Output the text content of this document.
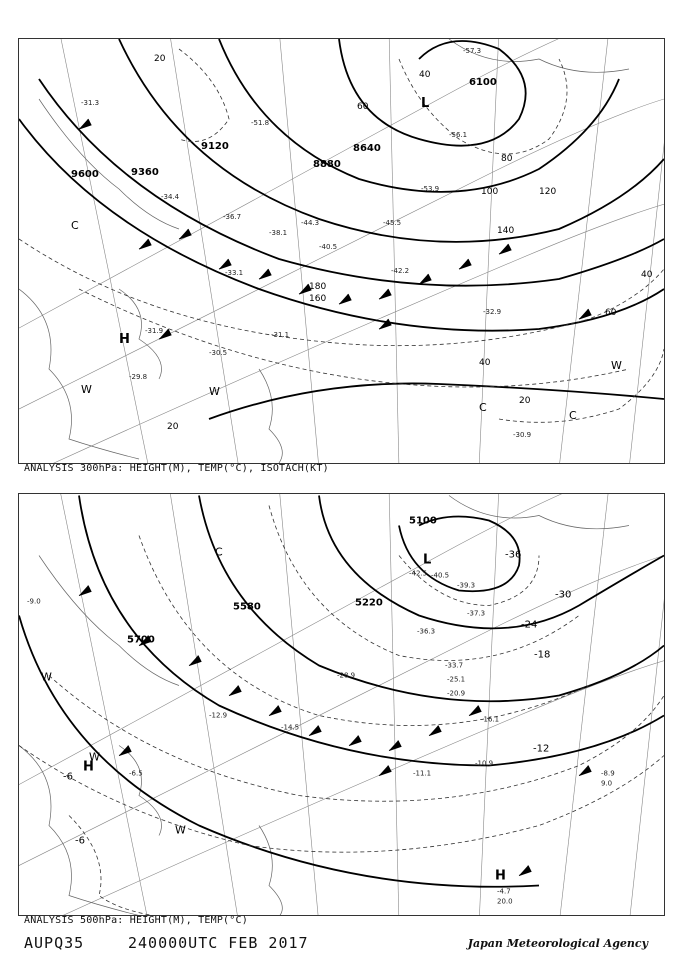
9600	9360
9120
8880
8640
L
6100
H
20
40
60
80
100	120
140
160
180
40
20
40
60
20
-31.3
-34.4
-36.7
-38.1
-40.5
-42.2
-44.3	-45.5
-51.8
-53.9
-56.1
-57.3
-30.9
-32.9
-33.1
-31.9
-30.5
-31.1
-29.8
C
W	W
C
C
W
ANALYSIS 300hPa: HEIGHT(M), TEMP(°C), ISOTACH(KT)
5700
5580	5220
5100
L
H
H
-36
-30
-24
-18
-12
-6
-6
-42.5 -40.5
-39.3
-37.3
-36.3
-33.7
-28.9	-25.1
-20.9
-16.1
-12.9
-10.9
-8.9
-4.7
-6.5	-11.1
-14.5
-9.0
20.0
9.0
W
W
W
C
ANALYSIS 500hPa: HEIGHT(M), TEMP(°C)
AUPQ35	240000UTC FEB 2017	Japan Meteorological Agency
